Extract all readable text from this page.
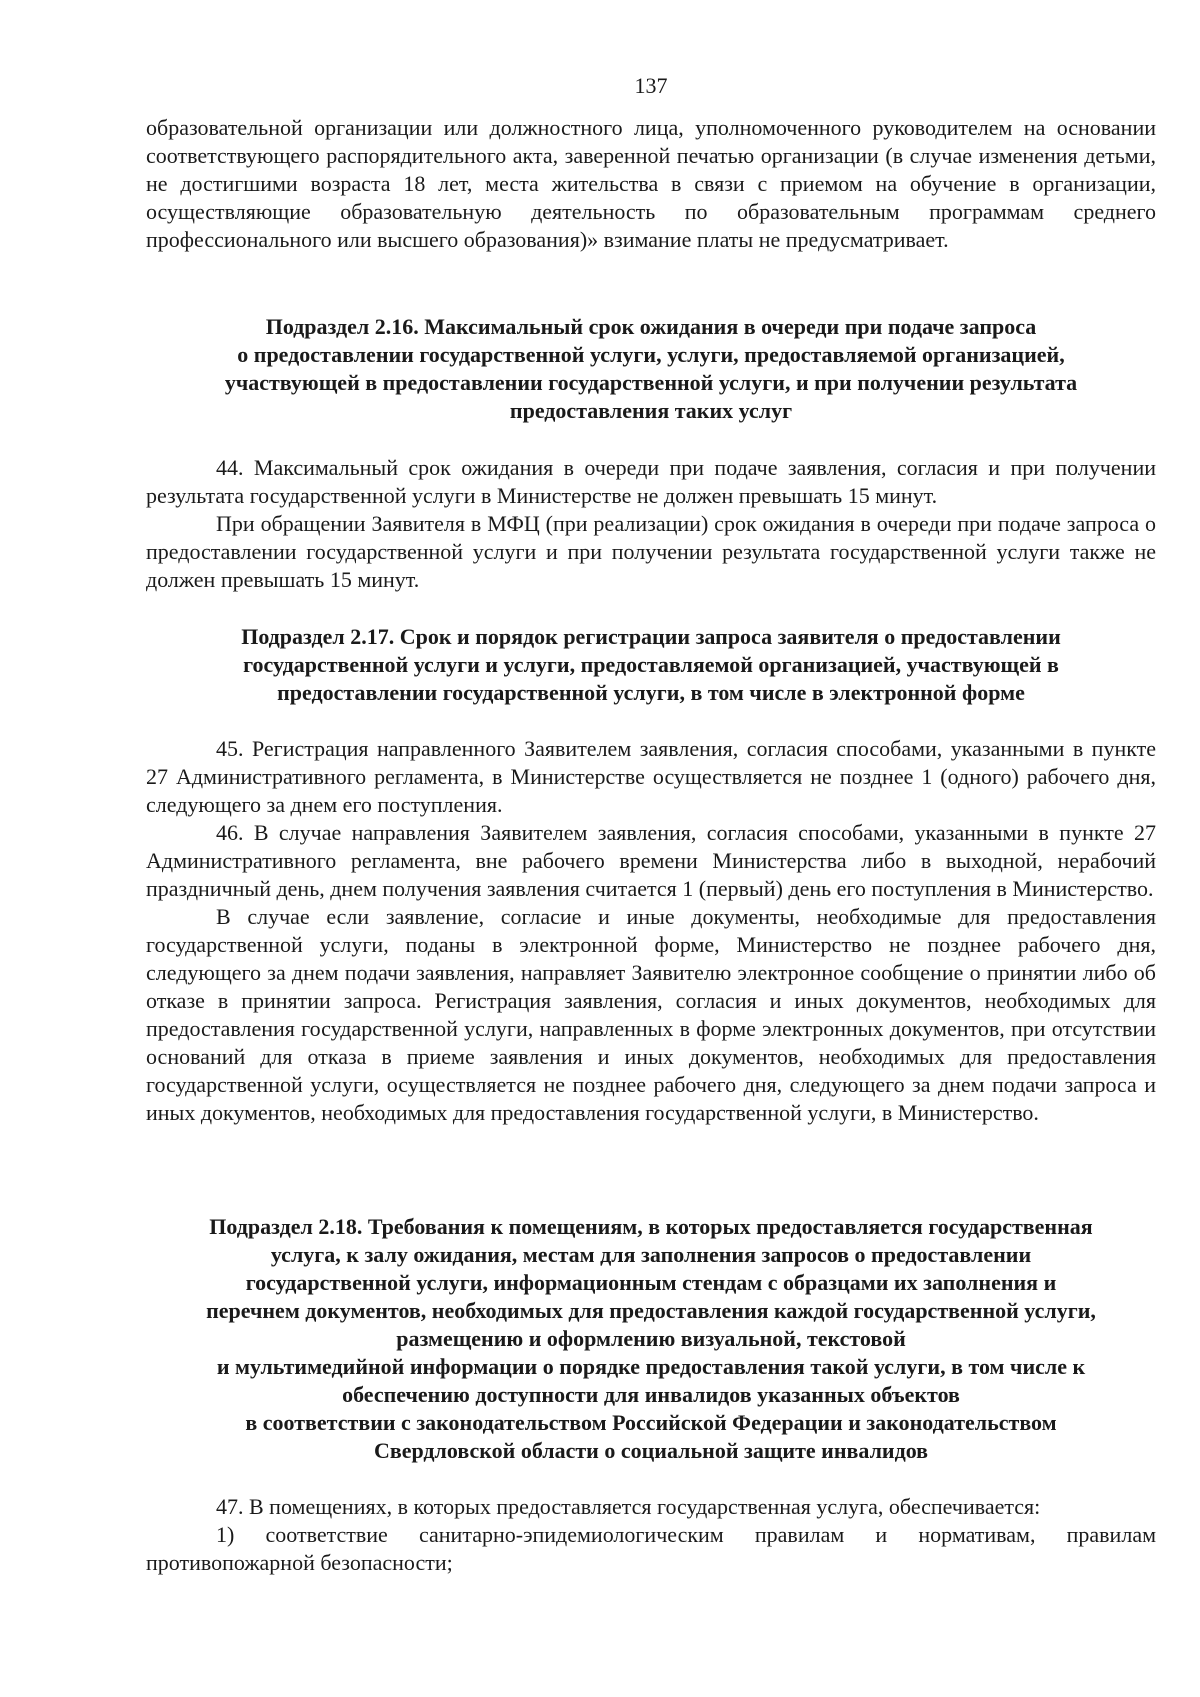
137

образовательной организации или должностного лица, уполномоченного руководителем на основании соответствующего распорядительного акта, заверенной печатью организации (в случае изменения детьми, не достигшими возраста 18 лет, места жительства в связи с приемом на обучение в организации, осуществляющие образовательную деятельность по образовательным программам среднего профессионального или высшего образования)» взимание платы не предусматривает.

Подраздел 2.16. Максимальный срок ожидания в очереди при подаче запроса
о предоставлении государственной услуги, услуги, предоставляемой организацией,
участвующей в предоставлении государственной услуги, и при получении результата
предоставления таких услуг

44. Максимальный срок ожидания в очереди при подаче заявления, согласия и при получении результата государственной услуги в Министерстве не должен превышать 15 минут.

При обращении Заявителя в МФЦ (при реализации) срок ожидания в очереди при подаче запроса о предоставлении государственной услуги и при получении результата государственной услуги также не должен превышать 15 минут.

Подраздел 2.17. Срок и порядок регистрации запроса заявителя о предоставлении
государственной услуги и услуги, предоставляемой организацией, участвующей в
предоставлении государственной услуги, в том числе в электронной форме

45. Регистрация направленного Заявителем заявления, согласия способами, указанными в пункте 27 Административного регламента, в Министерстве осуществляется не позднее 1 (одного) рабочего дня, следующего за днем его поступления.

46. В случае направления Заявителем заявления, согласия способами, указанными в пункте 27 Административного регламента, вне рабочего времени Министерства либо в выходной, нерабочий праздничный день, днем получения заявления считается 1 (первый) день его поступления в Министерство.

В случае если заявление, согласие и иные документы, необходимые для предоставления государственной услуги, поданы в электронной форме, Министерство не позднее рабочего дня, следующего за днем подачи заявления, направляет Заявителю электронное сообщение о принятии либо об отказе в принятии запроса. Регистрация заявления, согласия и иных документов, необходимых для предоставления государственной услуги, направленных в форме электронных документов, при отсутствии оснований для отказа в приеме заявления и иных документов, необходимых для предоставления государственной услуги, осуществляется не позднее рабочего дня, следующего за днем подачи запроса и иных документов, необходимых для предоставления государственной услуги, в Министерство.

Подраздел 2.18. Требования к помещениям, в которых предоставляется государственная
услуга, к залу ожидания, местам для заполнения запросов о предоставлении
государственной услуги, информационным стендам с образцами их заполнения и
перечнем документов, необходимых для предоставления каждой государственной услуги,
размещению и оформлению визуальной, текстовой
и мультимедийной информации о порядке предоставления такой услуги, в том числе к
обеспечению доступности для инвалидов указанных объектов
в соответствии с законодательством Российской Федерации и законодательством
Свердловской области о социальной защите инвалидов

47. В помещениях, в которых предоставляется государственная услуга, обеспечивается:

1) соответствие санитарно-эпидемиологическим правилам и нормативам, правилам противопожарной безопасности;
